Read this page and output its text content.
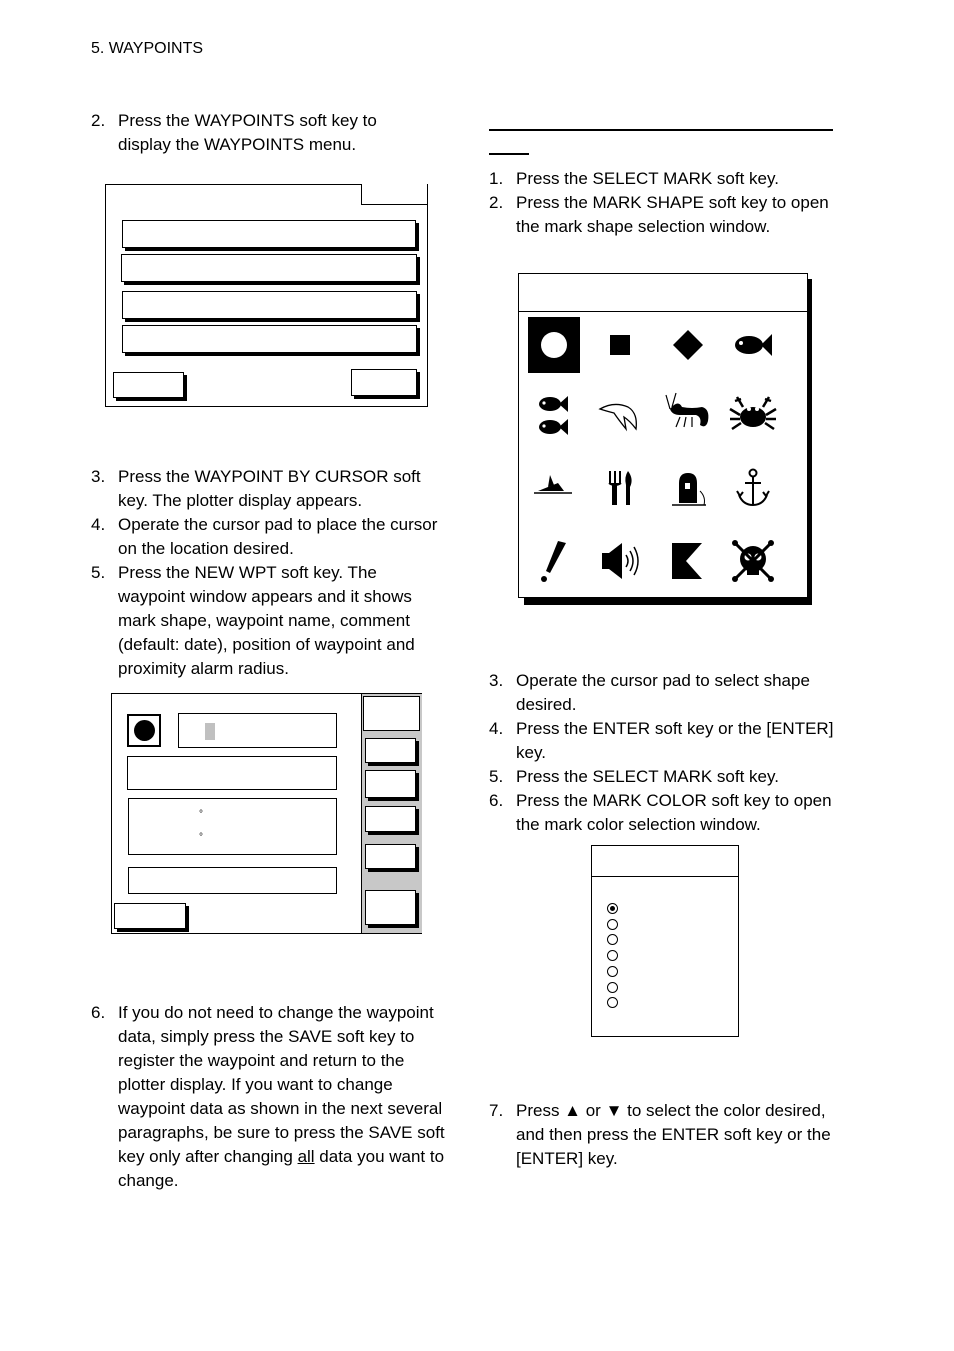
5. WAYPOINTS
2. Press the WAYPOINTS soft key to display the WAYPOINTS menu.
3. Press the WAYPOINT BY CURSOR soft key. The plotter display appears.
4. Operate the cursor pad to place the cursor on the location desired.
5. Press the NEW WPT soft key. The waypoint window appears and it shows mark shape, waypoint name, comment (default: date), position of waypoint and proximity alarm radius.
°
°
6. If you do not need to change the waypoint data, simply press the SAVE soft key to register the waypoint and return to the plotter display. If you want to change waypoint data as shown in the next several paragraphs, be sure to press the SAVE soft key only after changing all data you want to change.
1. Press the SELECT MARK soft key.
2. Press the MARK SHAPE soft key to open the mark shape selection window.
3. Operate the cursor pad to select shape desired.
4. Press the ENTER soft key or the [ENTER] key.
5. Press the SELECT MARK soft key.
6. Press the MARK COLOR soft key to open the mark color selection window.
7. Press ▲ or ▼ to select the color desired, and then press the ENTER soft key or the [ENTER] key.
